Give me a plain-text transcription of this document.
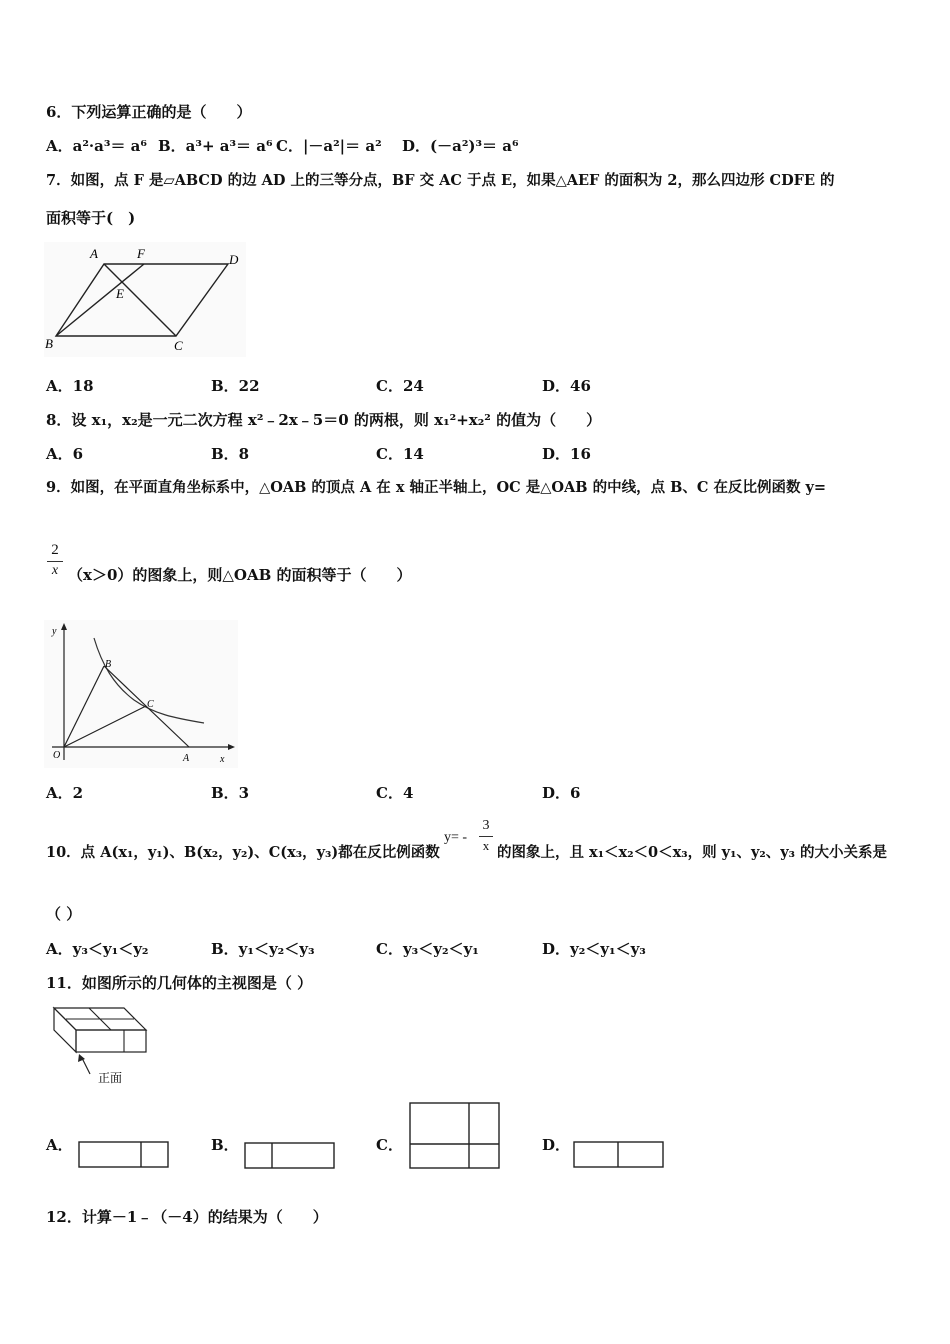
6．下列运算正确的是（　　）
A．a²·a³＝ a⁶ B．a³+ a³＝ a⁶ C．|－a²|＝ a² D．(－a²)³＝ a⁶
7．如图，点 F 是▱ABCD 的边 AD 上的三等分点，BF 交 AC 于点 E，如果△AEF 的面积为 2，那么四边形 CDFE 的
面积等于(　)
A	F	D
E
B	C
A．18	B．22	C．24	D．46
8．设 x₁，x₂是一元二次方程 x²﹣2x﹣5＝0 的两根，则 x₁²+x₂² 的值为（　　）
A．6	B．8	C．14	D．16
9．如图，在平面直角坐标系中，△OAB 的顶点 A 在 x 轴正半轴上，OC 是△OAB 的中线，点 B、C 在反比例函数 y=
2
x （x＞0）的图象上，则△OAB 的面积等于（　　）
y
x
O	A
B
C
A．2	B．3	C．4	D．6
10．点 A(x₁，y₁)、B(x₂，y₂)、C(x₃，y₃)都在反比例函数
y= -
3
x 的图象上，且 x₁＜x₂＜0＜x₃，则 y₁、y₂、y₃ 的大小关系是
（ ）
A．y₃＜y₁＜y₂	B．y₁＜y₂＜y₃	C．y₃＜y₂＜y₁	D．y₂＜y₁＜y₃
11．如图所示的几何体的主视图是（ ）
正面
A．	B．	C．	D．
12．计算－1﹣（－4）的结果为（　　）
